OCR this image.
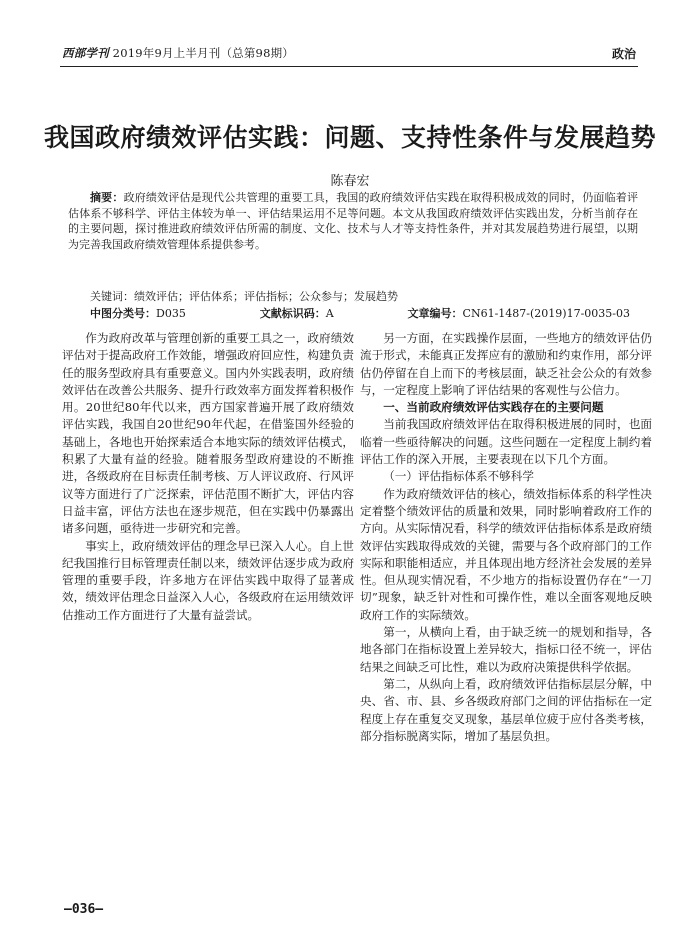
西部学刊 2019年9月上半月刊（总第98期）	政治
我国政府绩效评估实践：问题、支持性条件与发展趋势
陈春宏
摘要：政府绩效评估是现代公共管理的重要工具，我国的政府绩效评估实践在取得积极成效的同时，仍面临着评估体系不够科学、评估主体较为单一、评估结果运用不足等问题。本文从我国政府绩效评估实践出发，分析当前存在的主要问题，探讨推进政府绩效评估所需的制度、文化、技术与人才等支持性条件，并对其发展趋势进行展望，以期为完善我国政府绩效管理体系提供参考。
关键词：绩效评估；评估体系；评估指标；公众参与；发展趋势
中图分类号：D035	文献标识码：A	文章编号：CN61-1487-(2019)17-0035-03

作为政府改革与管理创新的重要工具之一，政府绩效评估对于提高政府工作效能，增强政府回应性，构建负责任的服务型政府具有重要意义。国内外实践表明，政府绩效评估在改善公共服务、提升行政效率方面发挥着积极作用。20世纪80年代以来，西方国家普遍开展了政府绩效评估实践，我国自20世纪90年代起，在借鉴国外经验的基础上，各地也开始探索适合本地实际的绩效评估模式，积累了大量有益的经验。随着服务型政府建设的不断推进，各级政府在目标责任制考核、万人评议政府、行风评议等方面进行了广泛探索，评估范围不断扩大，评估内容日益丰富，评估方法也在逐步规范，但在实践中仍暴露出诸多问题，亟待进一步研究和完善。

事实上，政府绩效评估的理念早已深入人心。自上世纪我国推行目标管理责任制以来，绩效评估逐步成为政府管理的重要手段，许多地方在评估实践中取得了显著成效，绩效评估理念日益深入人心，各级政府在运用绩效评估推动工作方面进行了大量有益尝试。

另一方面，在实践操作层面，一些地方的绩效评估仍流于形式，未能真正发挥应有的激励和约束作用，部分评估仍停留在自上而下的考核层面，缺乏社会公众的有效参与，一定程度上影响了评估结果的客观性与公信力。

一、当前政府绩效评估实践存在的主要问题

当前我国政府绩效评估在取得积极进展的同时，也面临着一些亟待解决的问题。这些问题在一定程度上制约着评估工作的深入开展，主要表现在以下几个方面。

（一）评估指标体系不够科学

作为政府绩效评估的核心，绩效指标体系的科学性决定着整个绩效评估的质量和效果，同时影响着政府工作的方向。从实际情况看，科学的绩效评估指标体系是政府绩效评估实践取得成效的关键，需要与各个政府部门的工作实际和职能相适应，并且体现出地方经济社会发展的差异性。但从现实情况看，不少地方的指标设置仍存在“一刀切”现象，缺乏针对性和可操作性，难以全面客观地反映政府工作的实际绩效。

第一，从横向上看，由于缺乏统一的规划和指导，各地各部门在指标设置上差异较大，指标口径不统一，评估结果之间缺乏可比性，难以为政府决策提供科学依据。

第二，从纵向上看，政府绩效评估指标层层分解，中央、省、市、县、乡各级政府部门之间的评估指标在一定程度上存在重复交叉现象，基层单位疲于应付各类考核，部分指标脱离实际，增加了基层负担。

—036—
